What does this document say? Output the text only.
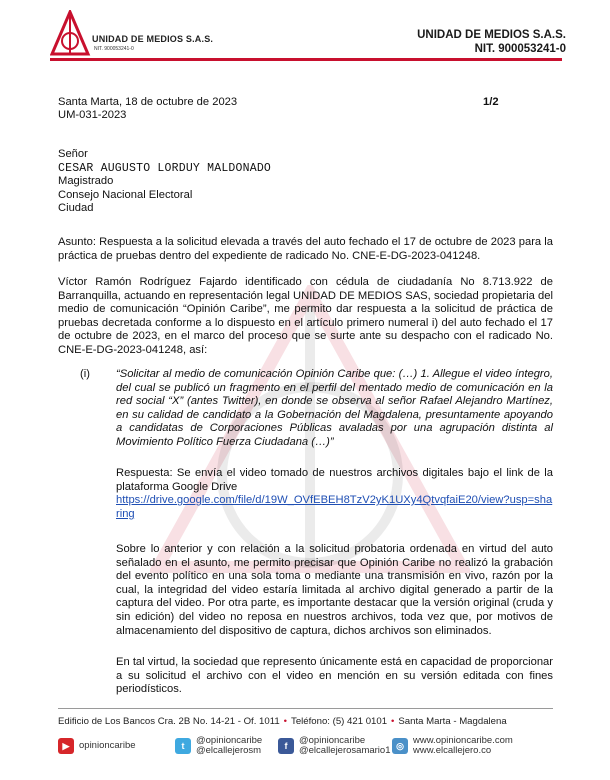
UNIDAD DE MEDIOS S.A.S.
NIT. 900053241-0
UNIDAD DE MEDIOS S.A.S.
NIT. 900053241-0
Santa Marta, 18 de octubre de 2023
UM-031-2023
1/2
Señor
CESAR AUGUSTO LORDUY MALDONADO
Magistrado
Consejo Nacional Electoral
Ciudad
Asunto: Respuesta a la solicitud elevada a través del auto fechado el 17 de octubre de 2023 para la práctica de pruebas dentro del expediente de radicado No. CNE-E-DG-2023-041248.
Víctor Ramón Rodríguez Fajardo identificado con cédula de ciudadanía No 8.713.922 de Barranquilla, actuando en representación legal UNIDAD DE MEDIOS SAS, sociedad propietaria del medio de comunicación “Opinión Caribe”, me permito dar respuesta a la solicitud de práctica de pruebas decretada conforme a lo dispuesto en el artículo primero numeral i) del auto fechado el 17 de octubre de 2023, en el marco del proceso que se surte ante su despacho con el radicado No. CNE-E-DG-2023-041248, así:
(i) “Solicitar al medio de comunicación Opinión Caribe que: (…) 1. Allegue el video íntegro, del cual se publicó un fragmento en el perfil del mentado medio de comunicación en la red social “X” (antes Twitter), en donde se observa al señor Rafael Alejandro Martínez, en su calidad de candidato a la Gobernación del Magdalena, presuntamente apoyando a candidatas de Corporaciones Públicas avaladas por una agrupación distinta al Movimiento Político Fuerza Ciudadana (…)”
Respuesta: Se envía el video tomado de nuestros archivos digitales bajo el link de la plataforma Google Drive
https://drive.google.com/file/d/19W_OVfEBEH8TzV2yK1UXy4QtvqfaiE20/view?usp=sharing
Sobre lo anterior y con relación a la solicitud probatoria ordenada en virtud del auto señalado en el asunto, me permito precisar que Opinión Caribe no realizó la grabación del evento político en una sola toma o mediante una transmisión en vivo, razón por la cual, la integridad del video estaría limitada al archivo digital generado a partir de la captura del video. Por otra parte, es importante destacar que la versión original (cruda y sin edición) del video no reposa en nuestros archivos, toda vez que, por motivos de almacenamiento del dispositivo de captura, dichos archivos son eliminados.
En tal virtud, la sociedad que represento únicamente está en capacidad de proporcionar a su solicitud el archivo con el video en mención en su versión editada con fines periodísticos.
Edificio de Los Bancos Cra. 2B No. 14-21 - Of. 1011 • Teléfono: (5) 421 0101 • Santa Marta - Magdalena
▶	opinioncaribe	t
@opinioncaribe
@elcallejerosm	f
@opinioncaribe
@elcallejerosamario1 ◎ www.opinioncaribe.com
www.elcallejero.co
